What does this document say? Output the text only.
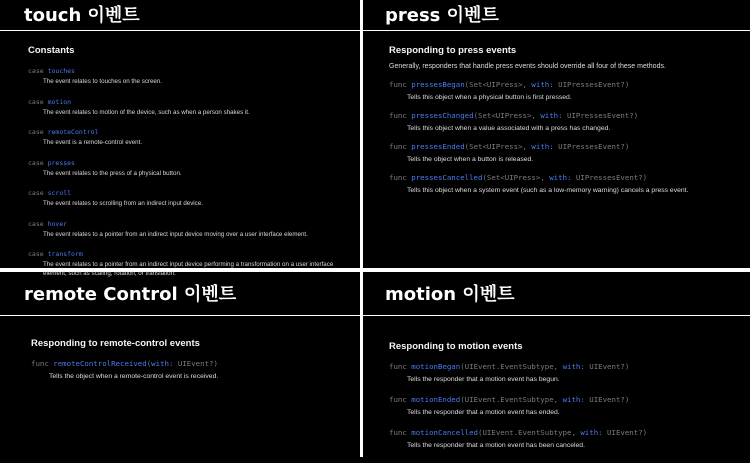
touch 이벤트
Constants
case touches
The event relates to touches on the screen.
case motion
The event relates to motion of the device, such as when a person shakes it.
case remoteControl
The event is a remote-control event.
case presses
The event relates to the press of a physical button.
case scroll
The event relates to scrolling from an indirect input device.
case hover
The event relates to a pointer from an indirect input device moving over a user interface element.
case transform
The event relates to a pointer from an indirect input device performing a transformation on a user interface element, such as scaling, rotation, or translation.
press 이벤트
Responding to press events
Generally, responders that handle press events should override all four of these methods.
func pressesBegan(Set<UIPress>, with: UIPressesEvent?)
Tells this object when a physical button is first pressed.
func pressesChanged(Set<UIPress>, with: UIPressesEvent?)
Tells this object when a value associated with a press has changed.
func pressesEnded(Set<UIPress>, with: UIPressesEvent?)
Tells the object when a button is released.
func pressesCancelled(Set<UIPress>, with: UIPressesEvent?)
Tells this object when a system event (such as a low-memory warning) cancels a press event.
remote Control 이벤트
Responding to remote-control events
func remoteControlReceived(with: UIEvent?)
Tells the object when a remote-control event is received.
motion 이벤트
Responding to motion events
func motionBegan(UIEvent.EventSubtype, with: UIEvent?)
Tells the responder that a motion event has begun.
func motionEnded(UIEvent.EventSubtype, with: UIEvent?)
Tells the responder that a motion event has ended.
func motionCancelled(UIEvent.EventSubtype, with: UIEvent?)
Tells the responder that a motion event has been canceled.
